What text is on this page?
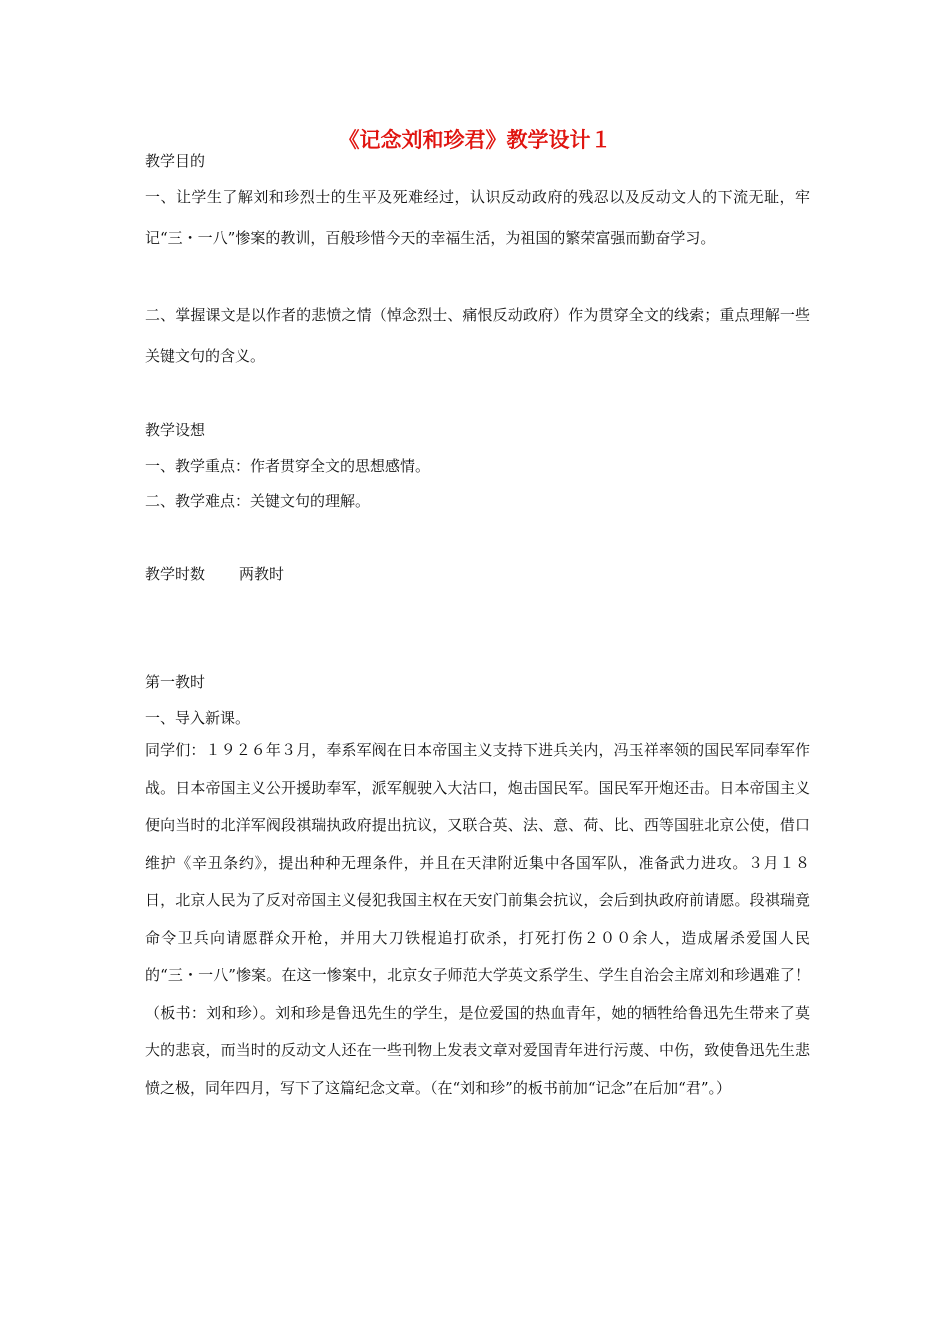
《记念刘和珍君》教学设计１
教学目的
一、让学生了解刘和珍烈士的生平及死难经过，认识反动政府的残忍以及反动文人的下流无耻，牢记“三・一八”惨案的教训，百般珍惜今天的幸福生活，为祖国的繁荣富强而勤奋学习。
二、掌握课文是以作者的悲愤之情（悼念烈士、痛恨反动政府）作为贯穿全文的线索；重点理解一些关键文句的含义。
教学设想
一、教学重点：作者贯穿全文的思想感情。
二、教学难点：关键文句的理解。
教学时数 两教时
第一教时
一、导入新课。
同学们：１９２６年３月，奉系军阀在日本帝国主义支持下进兵关内，冯玉祥率领的国民军同奉军作战。日本帝国主义公开援助奉军，派军舰驶入大沽口，炮击国民军。国民军开炮还击。日本帝国主义便向当时的北洋军阀段祺瑞执政府提出抗议，又联合英、法、意、荷、比、西等国驻北京公使，借口维护《辛丑条约》，提出种种无理条件，并且在天津附近集中各国军队，准备武力进攻。３月１８日，北京人民为了反对帝国主义侵犯我国主权在天安门前集会抗议，会后到执政府前请愿。段祺瑞竟命令卫兵向请愿群众开枪，并用大刀铁棍追打砍杀，打死打伤２００余人，造成屠杀爱国人民的“三・一八”惨案。在这一惨案中，北京女子师范大学英文系学生、学生自治会主席刘和珍遇难了！（板书：刘和珍）。刘和珍是鲁迅先生的学生，是位爱国的热血青年，她的牺牲给鲁迅先生带来了莫大的悲哀，而当时的反动文人还在一些刊物上发表文章对爱国青年进行污蔑、中伤，致使鲁迅先生悲愤之极，同年四月，写下了这篇纪念文章。（在“刘和珍”的板书前加“记念”在后加“君”。）
